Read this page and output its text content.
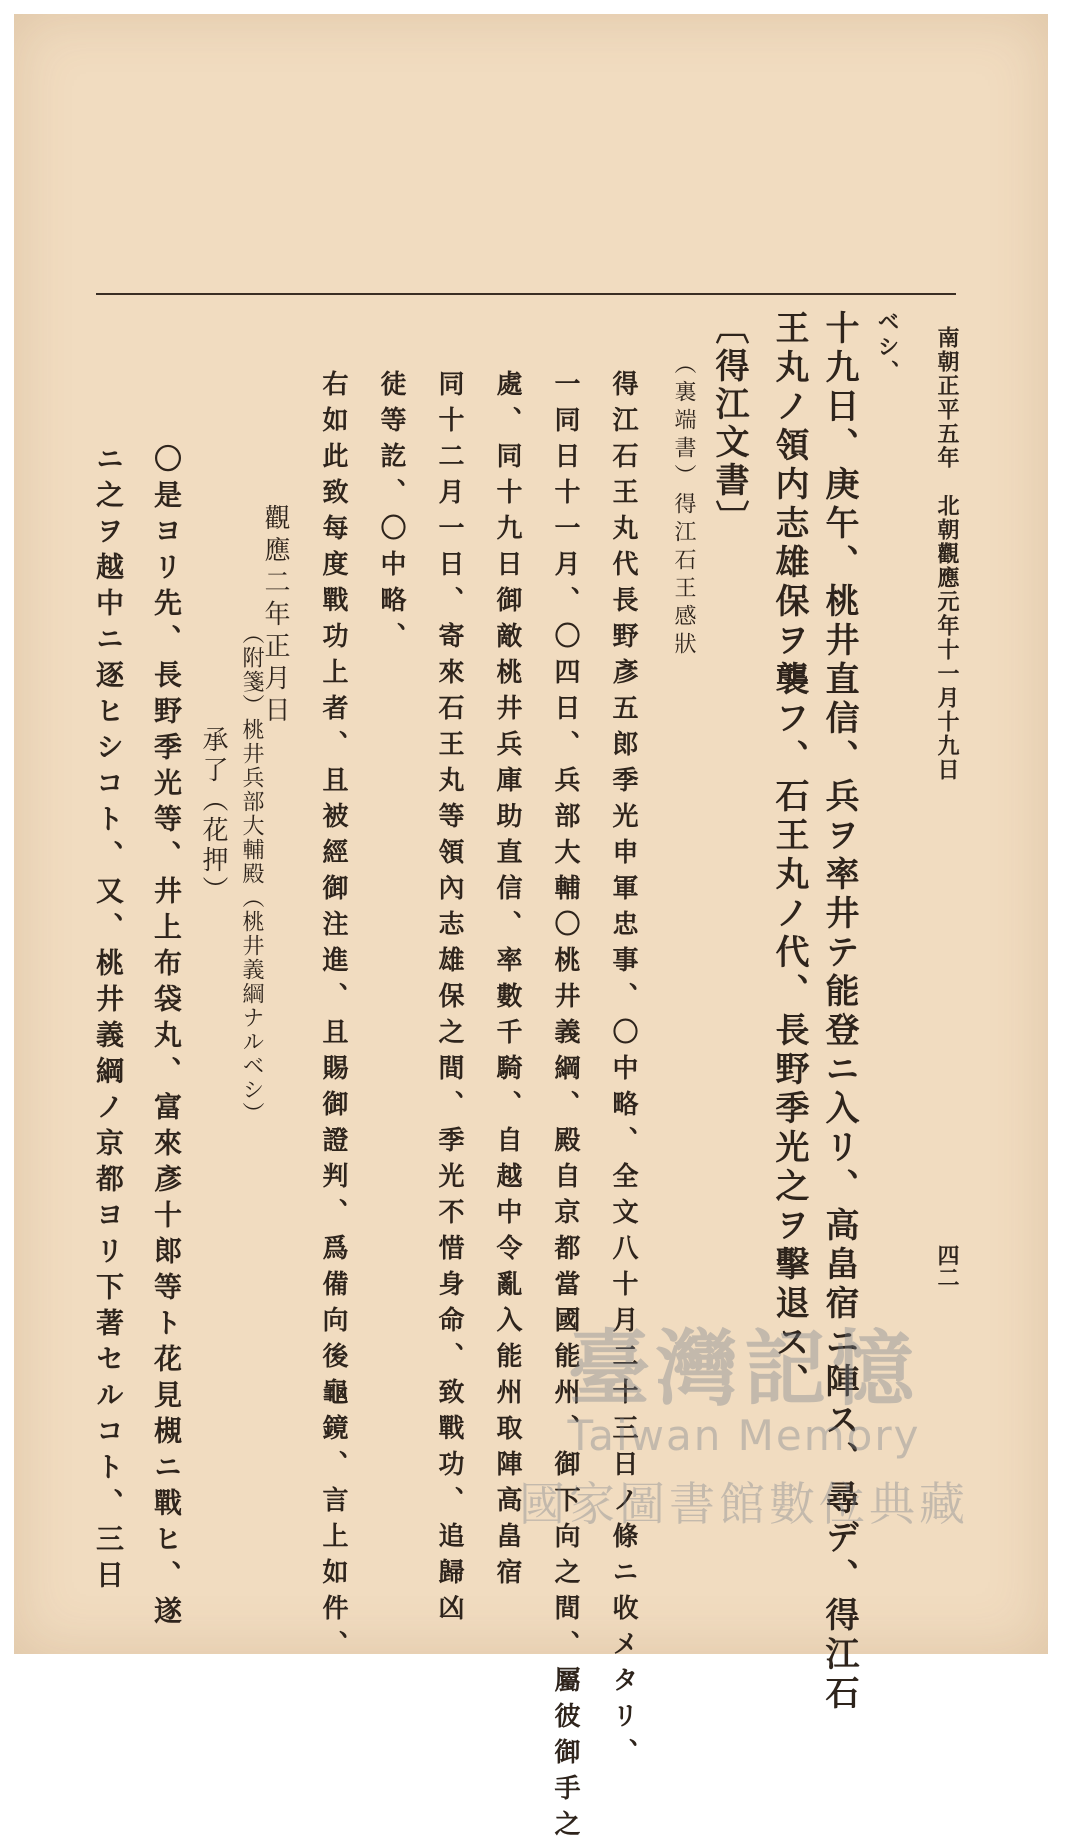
南朝正平五年　北朝觀應元年十一月十九日
四二
ベシ、
十九日、庚午、桃井直信、兵ヲ率井テ能登ニ入リ、高畠宿ニ陣ス、尋デ、得江石
王丸ノ領内志雄保ヲ襲フ、石王丸ノ代、長野季光之ヲ擊退ス、
〔得江文書〕
（裏端書）得江石王感狀
得江石王丸代長野彥五郎季光申軍忠事、〇中略、全文八十月二十三日ノ條ニ收メタリ、
一同日十一月、〇四日、兵部大輔〇桃井義綱、殿自京都當國能州、御下向之間、屬彼御手之
處、同十九日御敵桃井兵庫助直信、率數千騎、自越中令亂入能州取陣高畠宿
同十二月一日、寄來石王丸等領內志雄保之間、季光不惜身命、致戰功、追歸凶
徒等訖、〇中略、
右如此致每度戰功上者、且被經御注進、且賜御證判、爲備向後龜鏡、言上如件、
觀應二年正月日
承了（花押） （附箋）桃井兵部大輔殿（桃井義綱ナルベシ）
〇是ヨリ先、長野季光等、井上布袋丸、富來彥十郞等ト花見槻ニ戰ヒ、遂
ニ之ヲ越中ニ逐ヒシコト、又、桃井義綱ノ京都ヨリ下著セルコト、三日	臺灣記憶
Taiwan Memory
國家圖書館數位典藏
